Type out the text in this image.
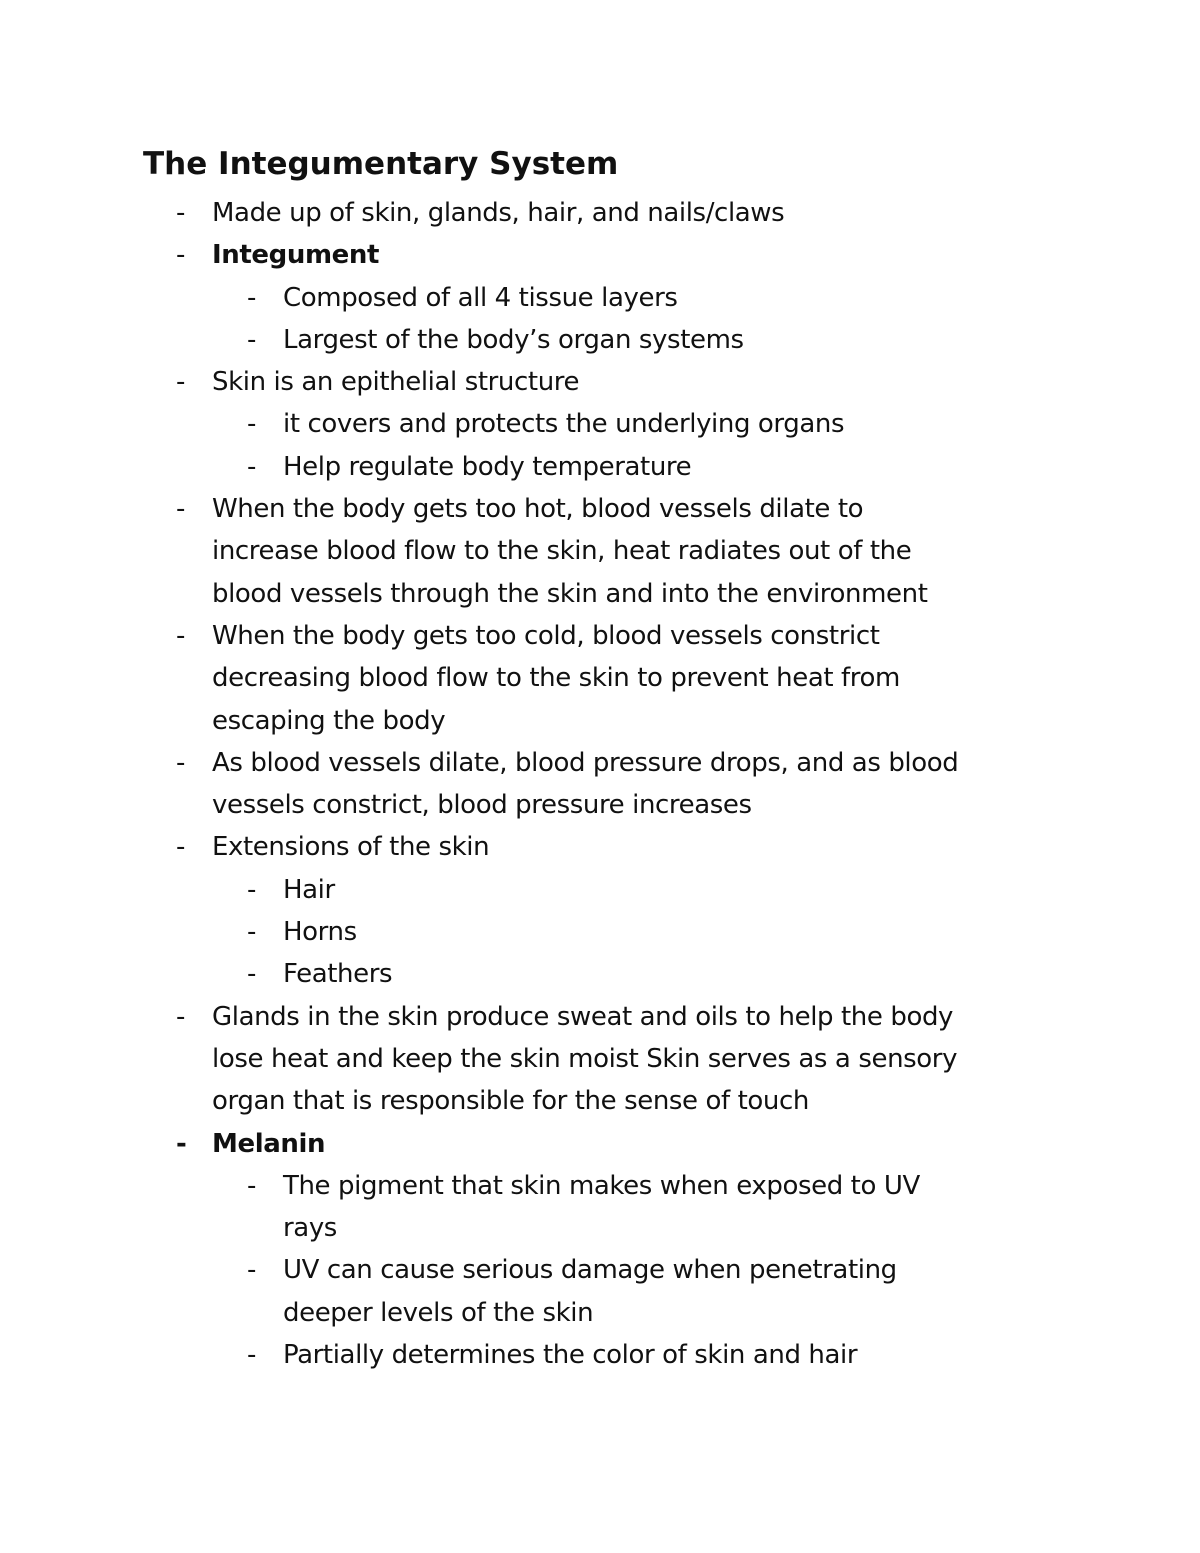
The Integumentary System
- Made up of skin, glands, hair, and nails/claws
- Integument
- Composed of all 4 tissue layers
- Largest of the body’s organ systems
- Skin is an epithelial structure
- it covers and protects the underlying organs
- Help regulate body temperature
- When the body gets too hot, blood vessels dilate to
increase blood flow to the skin, heat radiates out of the
blood vessels through the skin and into the environment
- When the body gets too cold, blood vessels constrict
decreasing blood flow to the skin to prevent heat from
escaping the body
- As blood vessels dilate, blood pressure drops, and as blood
vessels constrict, blood pressure increases
- Extensions of the skin
- Hair
- Horns
- Feathers
- Glands in the skin produce sweat and oils to help the body
lose heat and keep the skin moist Skin serves as a sensory
organ that is responsible for the sense of touch
- Melanin
- The pigment that skin makes when exposed to UV
rays
- UV can cause serious damage when penetrating
deeper levels of the skin
- Partially determines the color of skin and hair
